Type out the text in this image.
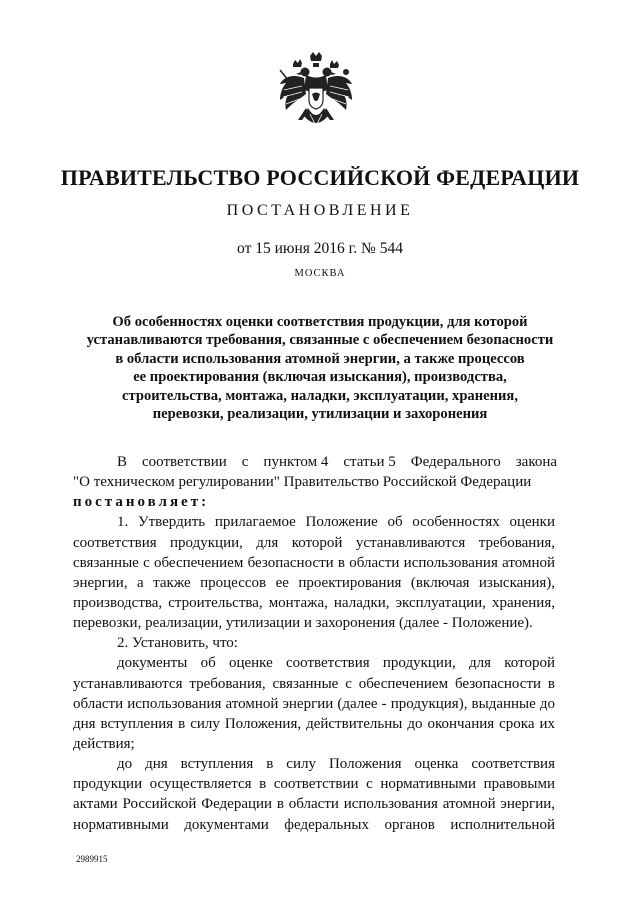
ПРАВИТЕЛЬСТВО РОССИЙСКОЙ ФЕДЕРАЦИИ
ПОСТАНОВЛЕНИЕ
от 15 июня 2016 г. № 544
МОСКВА
Об особенностях оценки соответствия продукции, для которой
устанавливаются требования, связанные с обеспечением безопасности
в области использования атомной энергии, а также процессов
ее проектирования (включая изыскания), производства,
строительства, монтажа, наладки, эксплуатации, хранения,
перевозки, реализации, утилизации и захоронения
В    соответствии    с    пунктом 4    статьи 5    Федерального    закона
"О техническом регулировании" Правительство Российской Федерации
постановляет:
1. Утвердить прилагаемое Положение об особенностях оценки
соответствия продукции, для которой устанавливаются требования,
связанные с обеспечением безопасности в области использования атомной
энергии, а также процессов ее проектирования (включая изыскания),
производства, строительства, монтажа, наладки, эксплуатации, хранения,
перевозки, реализации, утилизации и захоронения (далее - Положение).
2. Установить, что:
документы об оценке соответствия продукции, для которой
устанавливаются требования, связанные с обеспечением безопасности в
области использования атомной энергии (далее - продукция), выданные до
дня вступления в силу Положения, действительны до окончания срока их
действия;
до дня вступления в силу Положения оценка соответствия
продукции осуществляется в соответствии с нормативными правовыми
актами Российской Федерации в области использования атомной энергии,
нормативными документами федеральных органов исполнительной
2989915
